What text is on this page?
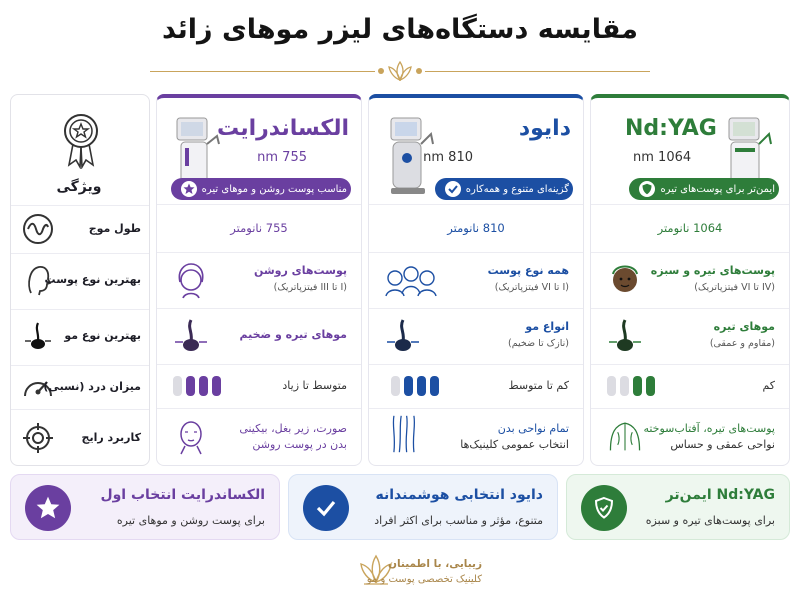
مقایسه دستگاه‌های لیزر موهای زائد
ویژگی
طول موج
بهترین نوع پوست
بهترین نوع مو
میزان درد (نسبی)
کاربرد رایج
الکساندرایت
755 nm
مناسب پوست روشن و موهای تیره
755 نانومتر
پوست‌های روشن
(I تا III فیتزپاتریک)
موهای تیره و ضخیم
متوسط تا زیاد
صورت، زیر بغل، بیکینی
بدن در پوست روشن
دایود
810 nm
گزینه‌ای متنوع و همه‌کاره
810 نانومتر
همه نوع پوست
(I تا VI فیتزپاتریک)
انواع مو
(نازک تا ضخیم)
کم تا متوسط
تمام نواحی بدن
انتخاب عمومی کلینیک‌ها
Nd:YAG
1064 nm
ایمن‌تر برای پوست‌های تیره
1064 نانومتر
پوست‌های تیره و سبزه
(IV تا VI فیتزپاتریک)
موهای تیره
(مقاوم و عمقی)
کم
پوست‌های تیره، آفتاب‌سوخته
نواحی عمقی و حساس
الکساندرایت انتخاب اول
برای پوست روشن و موهای تیره
دایود انتخابی هوشمندانه
متنوع، مؤثر و مناسب برای اکثر افراد
Nd:YAG ایمن‌تر
برای پوست‌های تیره و سبزه
زیبایی، با اطمینان
کلینیک تخصصی پوست و مو
